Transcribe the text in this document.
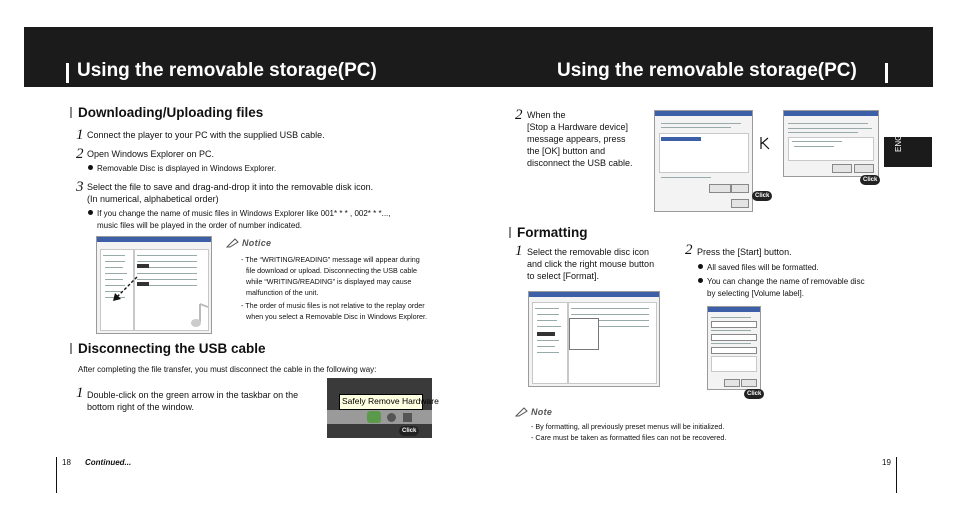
Using the removable storage(PC)	Using the removable storage(PC)
Downloading/Uploading files
1 Connect the player to your PC with the supplied USB cable.
2 Open Windows Explorer on PC.
Removable Disc is displayed in Windows Explorer.
3 Select the file to save and drag-and-drop it into the removable disk icon.
(In numerical, alphabetical order)
If you change the name of music files in Windows Explorer like 001* * * , 002* * *...,
music files will be played in the order of number indicated.
Notice
- The “WRITING/READING” message will appear during
file download or upload. Disconnecting the USB cable
while “WRITING/READING” is displayed may cause
malfunction of the unit.
- The order of music files is not relative to the replay order
when you select a Removable Disc in Windows Explorer.
Disconnecting the USB cable
After completing the file transfer, you must disconnect the cable in the following way:
1 Double-click on the green arrow in the taskbar on the
bottom right of the window.
Safely Remove Hardware
Click
18 Continued...
2 When the
[Stop a Hardware device]
message appears, press
the [OK] button and
disconnect the USB cable.
Click
Click
ENG
Formatting
1 Select the removable disc icon
and click the right mouse button
to select [Format].
2 Press the [Start] button.
All saved files will be formatted.
You can change the name of removable disc
by selecting [Volume label].
Click
Note
- By formatting, all previously preset menus will be initialized.
- Care must be taken as formatted files can not be recovered.
19
